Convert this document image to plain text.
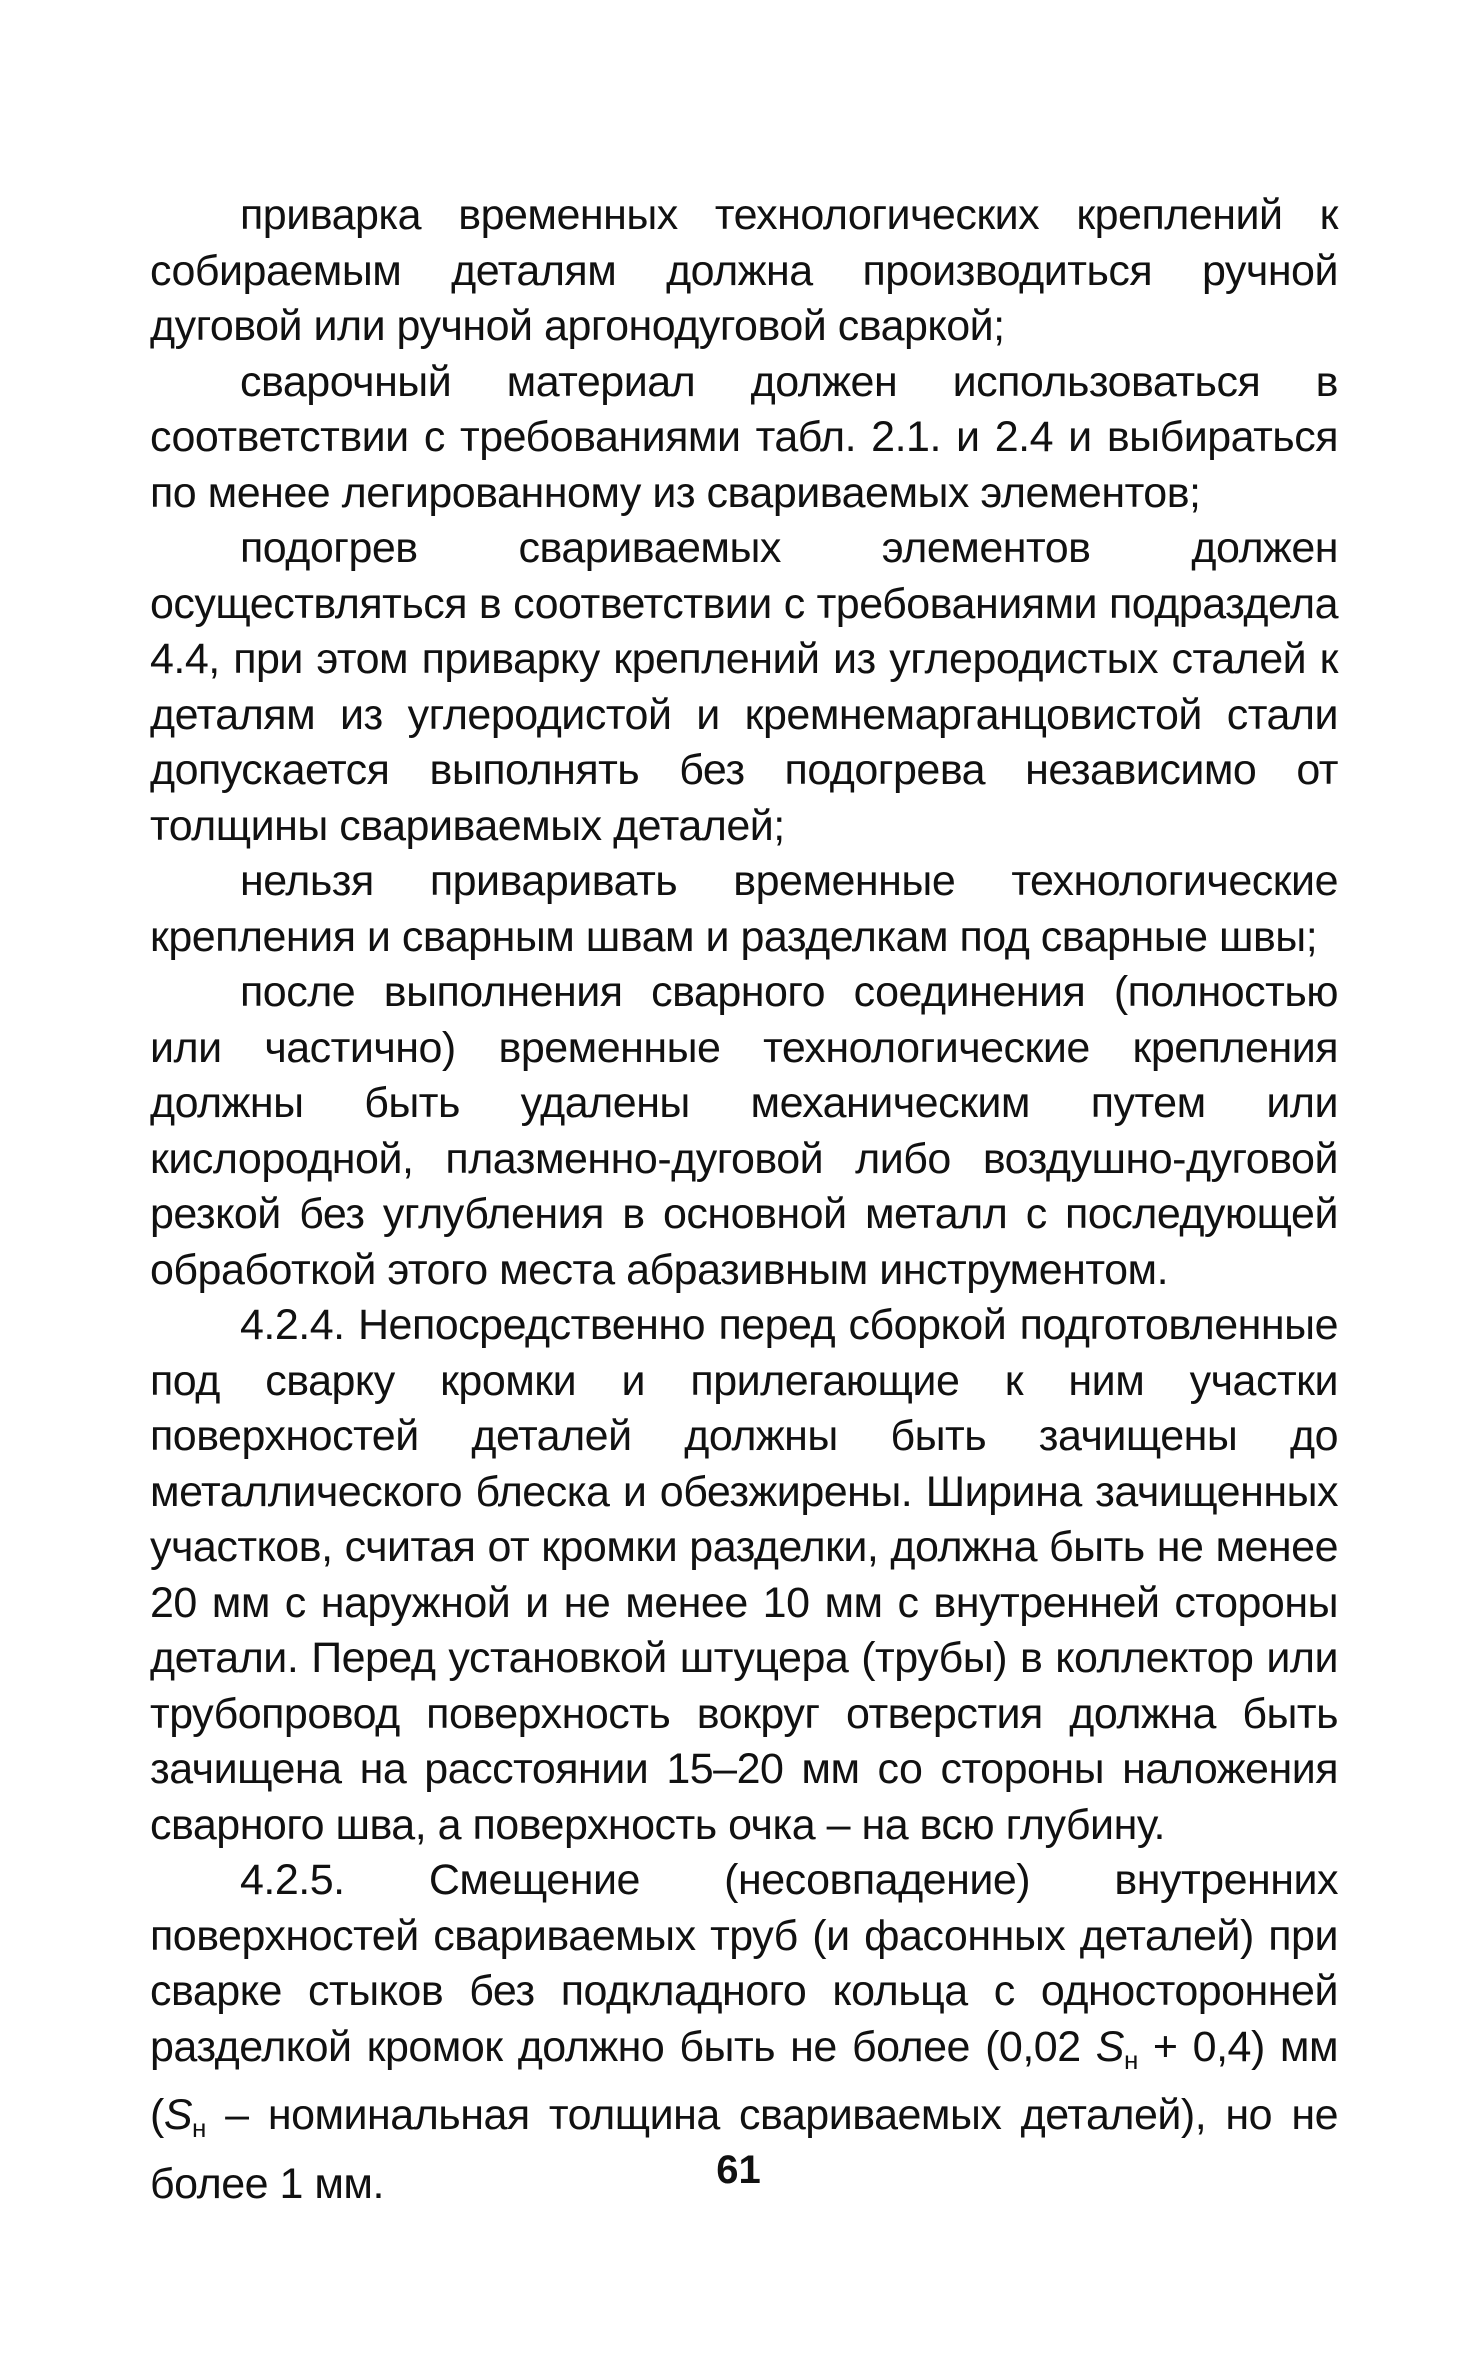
приварка временных технологических креплений к собираемым деталям должна производиться ручной дуговой или ручной аргонодуговой сваркой;

сварочный материал должен использоваться в соответствии с требованиями табл. 2.1. и 2.4 и выбираться по менее легированному из свариваемых элементов;

подогрев свариваемых элементов должен осуществляться в соответствии с требованиями подраздела 4.4, при этом приварку креплений из углеродистых сталей к деталям из углеродистой и кремнемарганцовистой стали допускается выполнять без подогрева независимо от толщины свариваемых деталей;

нельзя приваривать временные технологические крепления и сварным швам и разделкам под сварные швы;

после выполнения сварного соединения (полностью или частично) временные технологические крепления должны быть удалены механическим путем или кислородной, плазменно-дуговой либо воздушно-дуговой резкой без углубления в основной металл с последующей обработкой этого места абразивным инструментом.

4.2.4. Непосредственно перед сборкой подготовленные под сварку кромки и прилегающие к ним участки поверхностей деталей должны быть зачищены до металлического блеска и обезжирены. Ширина зачищенных участков, считая от кромки разделки, должна быть не менее 20 мм с наружной и не менее 10 мм с внутренней стороны детали. Перед установкой штуцера (трубы) в коллектор или трубопровод поверхность вокруг отверстия должна быть зачищена на расстоянии 15–20 мм со стороны наложения сварного шва, а поверхность очка – на всю глубину.

4.2.5. Смещение (несовпадение) внутренних поверхностей свариваемых труб (и фасонных деталей) при сварке стыков без подкладного кольца с односторонней разделкой кромок должно быть не более (0,02 $S_н + 0,4$) мм ($S_н$ – номинальная толщина свариваемых деталей), но не более 1 мм.	61
